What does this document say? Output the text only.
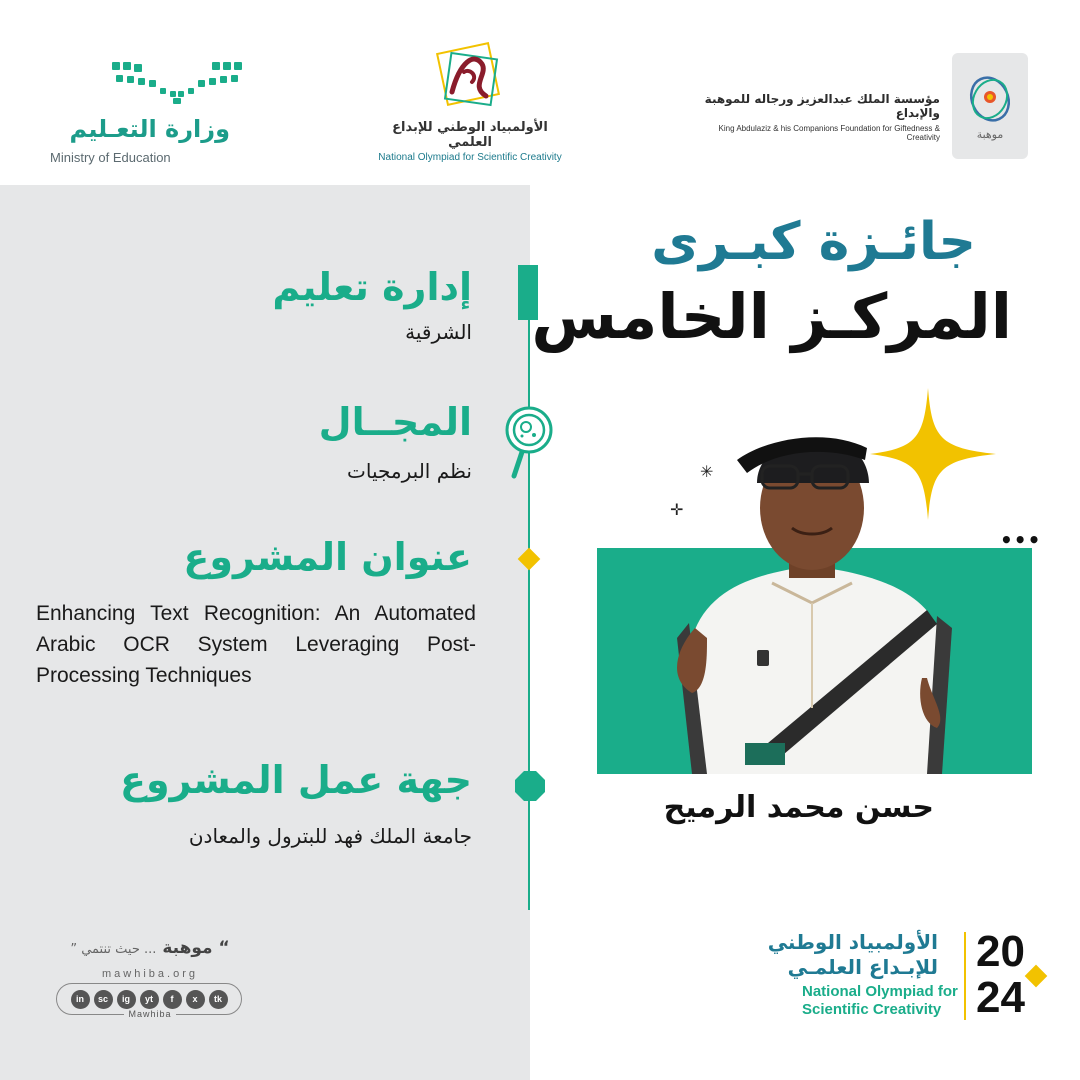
وزارة التعـليم
Ministry of Education
الأولمبياد الوطني للإبداع العلمي
National Olympiad for Scientific Creativity
مؤسسة الملك عبدالعزيز ورجاله للموهبة والإبداع
King Abdulaziz & his Companions Foundation for Giftedness & Creativity	موهبة
إدارة تعليم
الشرقية
المجــال
نظم البرمجيات
عنوان المشروع
Enhancing Text Recognition: An Automated Arabic OCR System Leveraging Post-Processing Techniques
جهة عمل المشروع
جامعة الملك فهد للبترول والمعادن
“ موهبة ... حيث تنتمي ”
mawhiba.org
in	sc	ig	yt	f	x	tk
Mawhiba
جائـزة كبـرى
المركـز الخامس
✳
✛
•••
حسن محمد الرميح
الأولمبياد الوطني
للإبـداع العلمـي
National Olympiad for
Scientific Creativity
20
24
